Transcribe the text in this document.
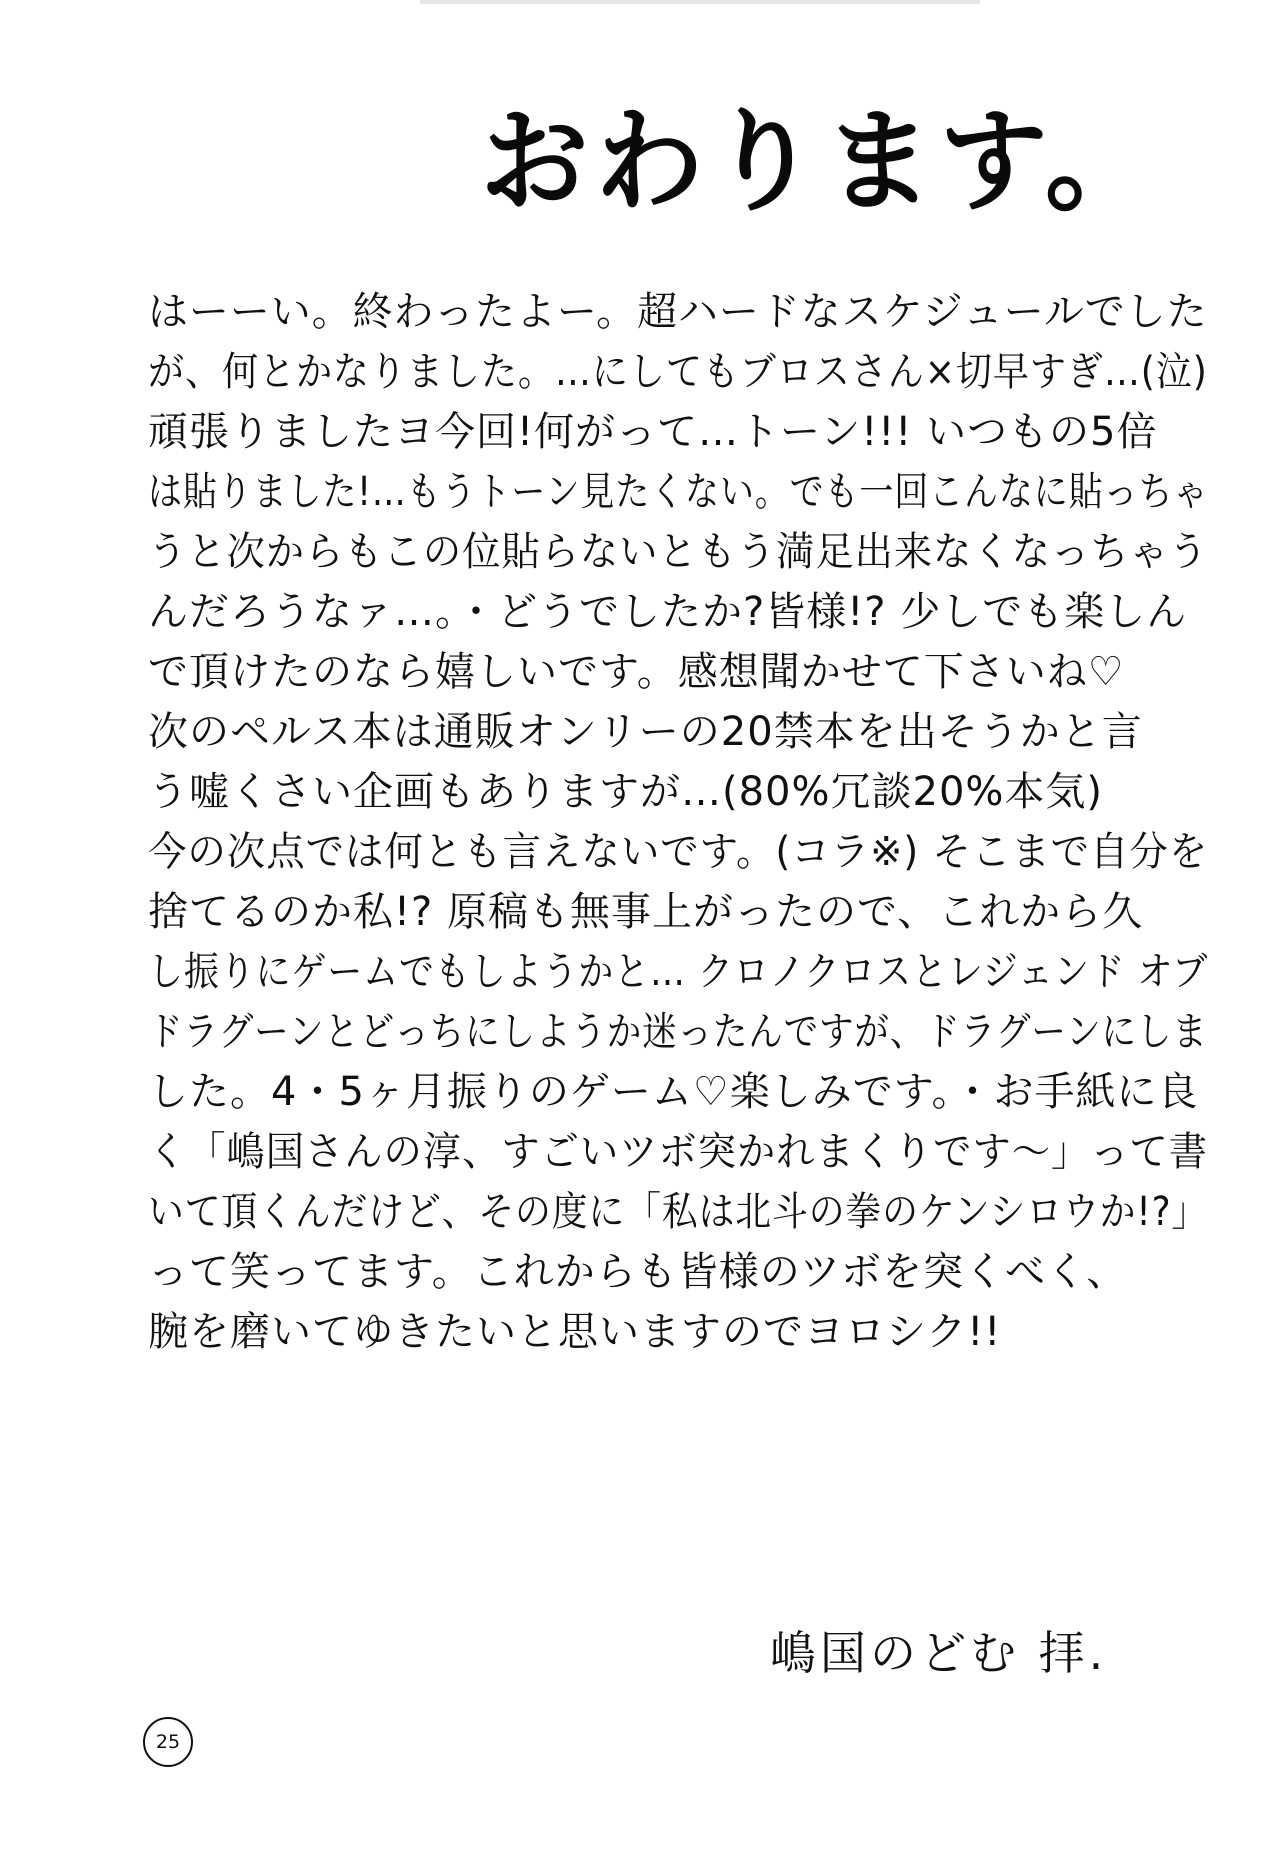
おわります。
はーーい。終わったよー。超ハードなスケジュールでした
が、何とかなりました。…にしてもブロスさん×切早すぎ…(泣)
頑張りましたヨ今回!何がって…トーン!!! いつもの5倍
は貼りました!…もうトーン見たくない。でも一回こんなに貼っちゃ
うと次からもこの位貼らないともう満足出来なくなっちゃう
んだろうなァ…。・どうでしたか?皆様!? 少しでも楽しん
で頂けたのなら嬉しいです。感想聞かせて下さいね♡
次のペルス本は通販オンリーの20禁本を出そうかと言
う嘘くさい企画もありますが…(80%冗談20%本気)
今の次点では何とも言えないです。(コラ※) そこまで自分を
捨てるのか私!? 原稿も無事上がったので、これから久
し振りにゲームでもしようかと… クロノクロスとレジェンド オブ
ドラグーンとどっちにしようか迷ったんですが、ドラグーンにしま
した。4・5ヶ月振りのゲーム♡楽しみです。・お手紙に良
く「嶋国さんの淳、すごいツボ突かれまくりです〜」って書
いて頂くんだけど、その度に「私は北斗の拳のケンシロウか!?」
って笑ってます。これからも皆様のツボを突くべく、
腕を磨いてゆきたいと思いますのでヨロシク!!
嶋国のどむ 拝.
25
